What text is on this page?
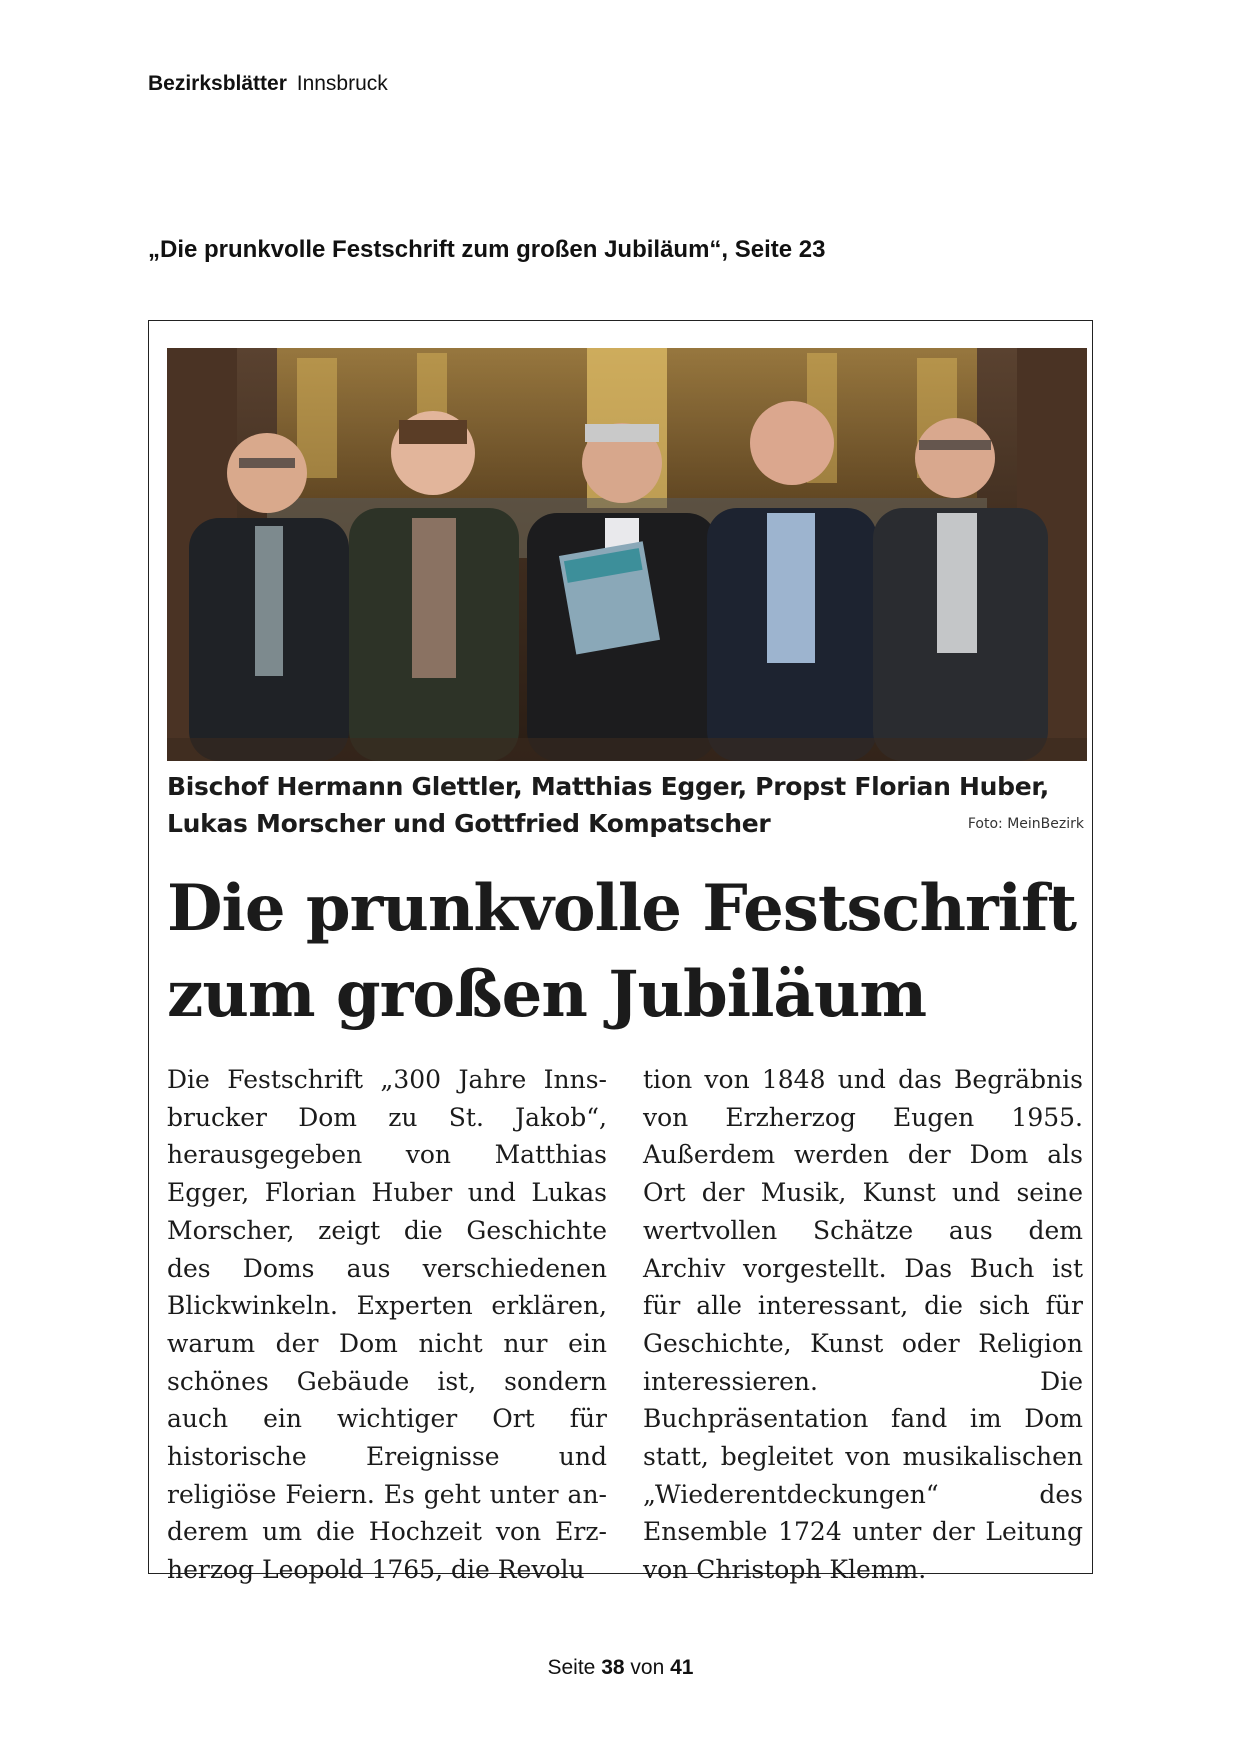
Bezirksblätter Innsbruck
„Die prunkvolle Festschrift zum großen Jubiläum“, Seite 23
Bischof Hermann Glettler, Matthias Egger, Propst Florian Huber, Lukas Morscher und Gottfried Kompatscher	Foto: MeinBezirk
Die prunkvolle Festschrift zum großen Jubiläum
Die Festschrift „300 Jahre Innsbrucker Dom zu St. Jakob“, herausgegeben von Matthias Egger, Florian Huber und Lukas Morscher, zeigt die Geschichte des Doms aus verschiedenen Blickwinkeln. Experten erklären, warum der Dom nicht nur ein schönes Gebäude ist, sondern auch ein wichtiger Ort für historische Ereignisse und religiöse Feiern. Es geht unter anderem um die Hochzeit von Erzherzog Leopold 1765, die Revolu
tion von 1848 und das Begräbnis von Erzherzog Eugen 1955. Außerdem werden der Dom als Ort der Musik, Kunst und seine wertvollen Schätze aus dem Archiv vorgestellt. Das Buch ist für alle interessant, die sich für Geschichte, Kunst oder Religion interessieren. Die Buchpräsentation fand im Dom statt, begleitet von musikalischen „Wiederentdeckungen“ des Ensemble 1724 unter der Leitung von Christoph Klemm.
Seite 38 von 41
